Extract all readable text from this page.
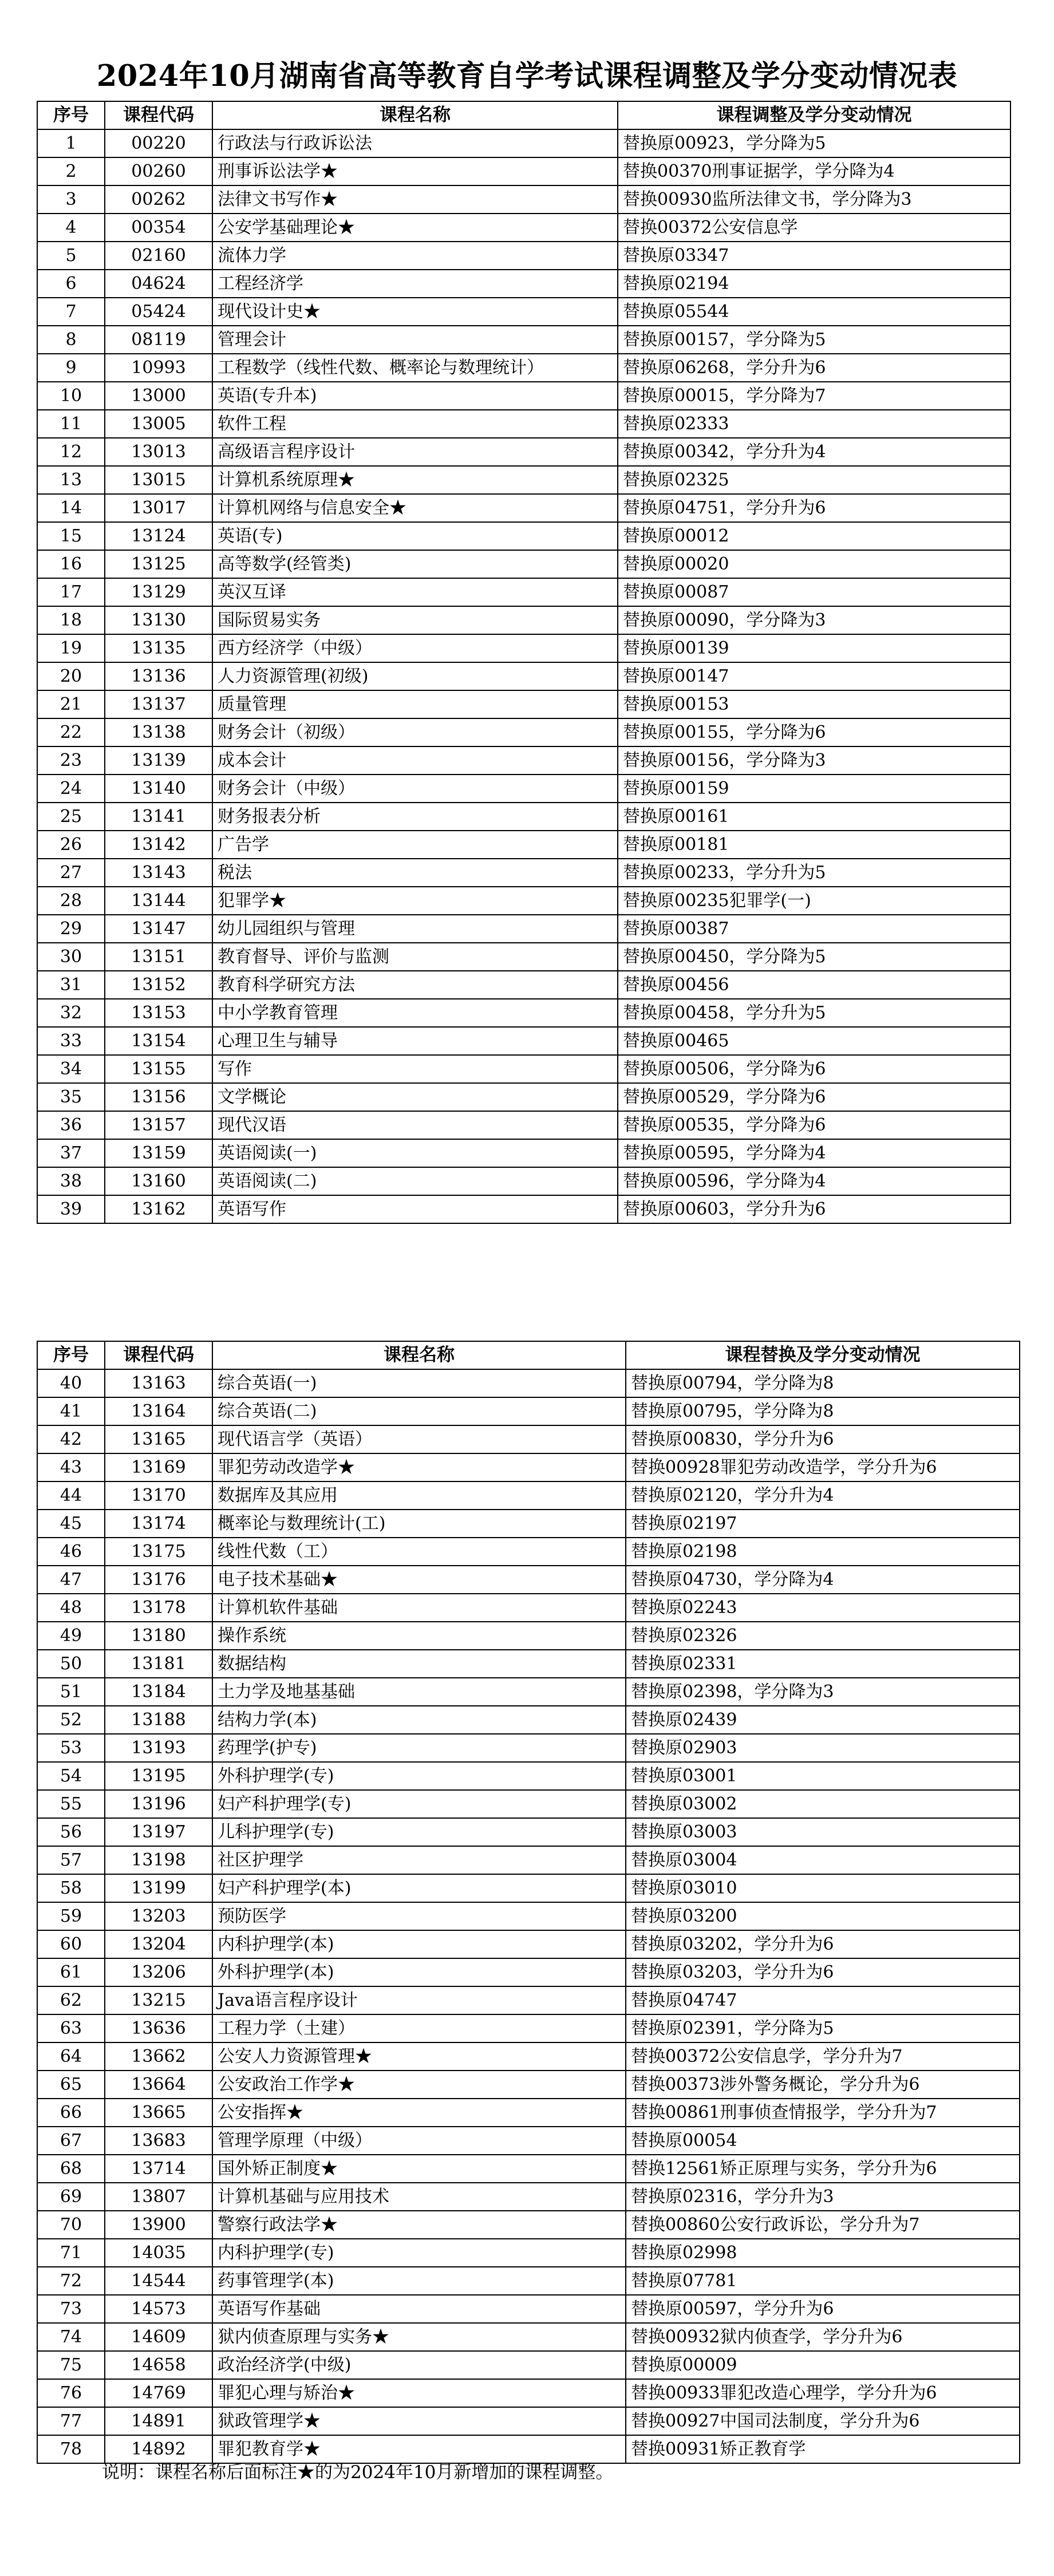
2024年10月湖南省高等教育自学考试课程调整及学分变动情况表
序号	课程代码	课程名称	课程调整及学分变动情况
1	00220	行政法与行政诉讼法	替换原00923，学分降为5
2	00260	刑事诉讼法学★	替换00370刑事证据学，学分降为4
3	00262	法律文书写作★	替换00930监所法律文书，学分降为3
4	00354	公安学基础理论★	替换00372公安信息学
5	02160	流体力学	替换原03347
6	04624	工程经济学	替换原02194
7	05424	现代设计史★	替换原05544
8	08119	管理会计	替换原00157，学分降为5
9	10993	工程数学（线性代数、概率论与数理统计）	替换原06268，学分升为6
10	13000	英语(专升本)	替换原00015，学分降为7
11	13005	软件工程	替换原02333
12	13013	高级语言程序设计	替换原00342，学分升为4
13	13015	计算机系统原理★	替换原02325
14	13017	计算机网络与信息安全★	替换原04751，学分升为6
15	13124	英语(专)	替换原00012
16	13125	高等数学(经管类)	替换原00020
17	13129	英汉互译	替换原00087
18	13130	国际贸易实务	替换原00090，学分降为3
19	13135	西方经济学（中级）	替换原00139
20	13136	人力资源管理(初级)	替换原00147
21	13137	质量管理	替换原00153
22	13138	财务会计（初级）	替换原00155，学分降为6
23	13139	成本会计	替换原00156，学分降为3
24	13140	财务会计（中级）	替换原00159
25	13141	财务报表分析	替换原00161
26	13142	广告学	替换原00181
27	13143	税法	替换原00233，学分升为5
28	13144	犯罪学★	替换原00235犯罪学(一)
29	13147	幼儿园组织与管理	替换原00387
30	13151	教育督导、评价与监测	替换原00450，学分降为5
31	13152	教育科学研究方法	替换原00456
32	13153	中小学教育管理	替换原00458，学分升为5
33	13154	心理卫生与辅导	替换原00465
34	13155	写作	替换原00506，学分降为6
35	13156	文学概论	替换原00529，学分降为6
36	13157	现代汉语	替换原00535，学分降为6
37	13159	英语阅读(一)	替换原00595，学分降为4
38	13160	英语阅读(二)	替换原00596，学分降为4
39	13162	英语写作	替换原00603，学分升为6
序号	课程代码	课程名称	课程替换及学分变动情况
40	13163	综合英语(一)	替换原00794，学分降为8
41	13164	综合英语(二)	替换原00795，学分降为8
42	13165	现代语言学（英语）	替换原00830，学分升为6
43	13169	罪犯劳动改造学★	替换00928罪犯劳动改造学，学分升为6
44	13170	数据库及其应用	替换原02120，学分升为4
45	13174	概率论与数理统计(工)	替换原02197
46	13175	线性代数（工）	替换原02198
47	13176	电子技术基础★	替换原04730，学分降为4
48	13178	计算机软件基础	替换原02243
49	13180	操作系统	替换原02326
50	13181	数据结构	替换原02331
51	13184	土力学及地基基础	替换原02398，学分降为3
52	13188	结构力学(本)	替换原02439
53	13193	药理学(护专)	替换原02903
54	13195	外科护理学(专)	替换原03001
55	13196	妇产科护理学(专)	替换原03002
56	13197	儿科护理学(专)	替换原03003
57	13198	社区护理学	替换原03004
58	13199	妇产科护理学(本)	替换原03010
59	13203	预防医学	替换原03200
60	13204	内科护理学(本)	替换原03202，学分升为6
61	13206	外科护理学(本)	替换原03203，学分升为6
62	13215	Java语言程序设计	替换原04747
63	13636	工程力学（土建）	替换原02391，学分降为5
64	13662	公安人力资源管理★	替换00372公安信息学，学分升为7
65	13664	公安政治工作学★	替换00373涉外警务概论，学分升为6
66	13665	公安指挥★	替换00861刑事侦查情报学，学分升为7
67	13683	管理学原理（中级）	替换原00054
68	13714	国外矫正制度★	替换12561矫正原理与实务，学分升为6
69	13807	计算机基础与应用技术	替换原02316，学分升为3
70	13900	警察行政法学★	替换00860公安行政诉讼，学分升为7
71	14035	内科护理学(专)	替换原02998
72	14544	药事管理学(本)	替换原07781
73	14573	英语写作基础	替换原00597，学分升为6
74	14609	狱内侦查原理与实务★	替换00932狱内侦查学，学分升为6
75	14658	政治经济学(中级)	替换原00009
76	14769	罪犯心理与矫治★	替换00933罪犯改造心理学，学分升为6
77	14891	狱政管理学★	替换00927中国司法制度，学分升为6
78	14892	罪犯教育学★	替换00931矫正教育学
说明：课程名称后面标注★的为2024年10月新增加的课程调整。
